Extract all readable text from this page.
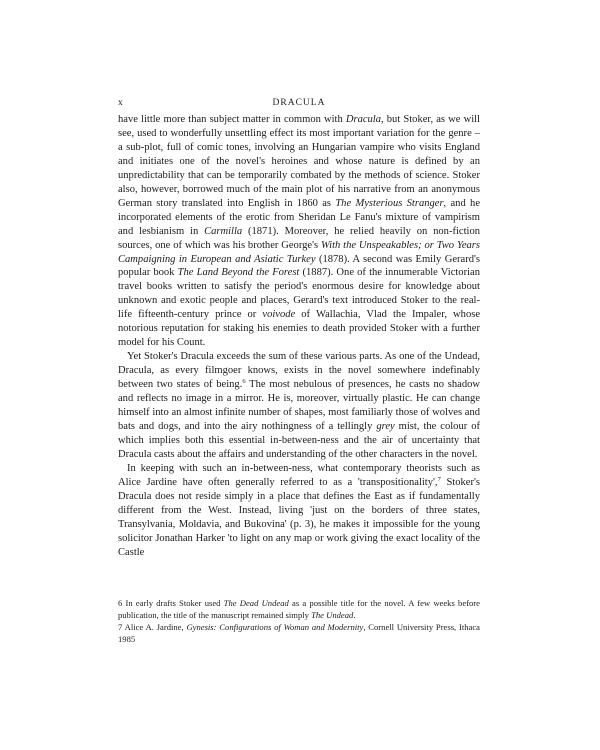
x	DRACULA

have little more than subject matter in common with Dracula, but Stoker, as we will see, used to wonderfully unsettling effect its most important variation for the genre – a sub-plot, full of comic tones, involving an Hungarian vampire who visits England and initiates one of the novel's heroines and whose nature is defined by an unpredictability that can be temporarily combated by the methods of science. Stoker also, however, borrowed much of the main plot of his narrative from an anonymous German story translated into English in 1860 as The Mysterious Stranger, and he incorporated elements of the erotic from Sheridan Le Fanu's mixture of vampirism and lesbianism in Carmilla (1871). Moreover, he relied heavily on non-fiction sources, one of which was his brother George's With the Unspeakables; or Two Years Campaigning in European and Asiatic Turkey (1878). A second was Emily Gerard's popular book The Land Beyond the Forest (1887). One of the innumerable Victorian travel books written to satisfy the period's enormous desire for knowledge about unknown and exotic people and places, Gerard's text introduced Stoker to the real-life fifteenth-century prince or voivode of Wallachia, Vlad the Impaler, whose notorious reputation for staking his enemies to death provided Stoker with a further model for his Count.

Yet Stoker's Dracula exceeds the sum of these various parts. As one of the Undead, Dracula, as every filmgoer knows, exists in the novel somewhere indefinably between two states of being.$^6$ The most nebulous of presences, he casts no shadow and reflects no image in a mirror. He is, moreover, virtually plastic. He can change himself into an almost infinite number of shapes, most familiarly those of wolves and bats and dogs, and into the airy nothingness of a tellingly grey mist, the colour of which implies both this essential in-between-ness and the air of uncertainty that Dracula casts about the affairs and understanding of the other characters in the novel.

In keeping with such an in-between-ness, what contemporary theorists such as Alice Jardine have often generally referred to as a 'transpositionality',$^7$ Stoker's Dracula does not reside simply in a place that defines the East as if fundamentally different from the West. Instead, living 'just on the borders of three states, Transylvania, Moldavia, and Bukovina' (p. 3), he makes it impossible for the young solicitor Jonathan Harker 'to light on any map or work giving the exact locality of the Castle

6 In early drafts Stoker used The Dead Undead as a possible title for the novel. A few weeks before publication, the title of the manuscript remained simply The Undead.

7 Alice A. Jardine, Gynesis: Configurations of Woman and Modernity, Cornell University Press, Ithaca 1985
